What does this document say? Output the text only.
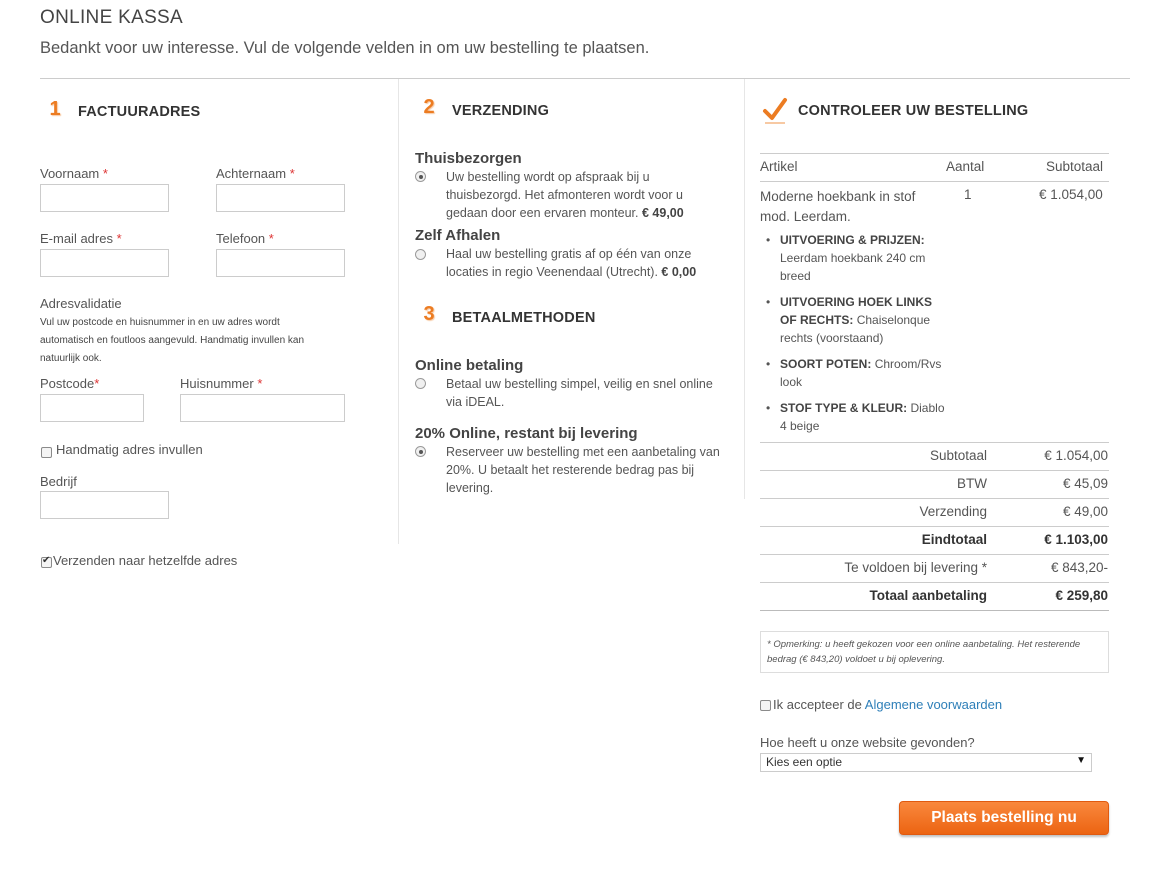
ONLINE KASSA
Bedankt voor uw interesse. Vul de volgende velden in om uw bestelling te plaatsen.
1	FACTUURADRES
Voornaam *	Achternaam *
E-mail adres *	Telefoon *
Adresvalidatie
Vul uw postcode en huisnummer in en uw adres wordt automatisch en foutloos aangevuld. Handmatig invullen kan natuurlijk ook.
Postcode*	Huisnummer *
Handmatig adres invullen
Bedrijf
✔
Verzenden naar hetzelfde adres
2	VERZENDING
Thuisbezorgen
Uw bestelling wordt op afspraak bij u thuisbezorgd. Het afmonteren wordt voor u gedaan door een ervaren monteur. € 49,00
Zelf Afhalen
Haal uw bestelling gratis af op één van onze locaties in regio Veenendaal (Utrecht). € 0,00
3	BETAALMETHODEN
Online betaling
Betaal uw bestelling simpel, veilig en snel online via iDEAL.
20% Online, restant bij levering
Reserveer uw bestelling met een aanbetaling van 20%. U betaalt het resterende bedrag pas bij levering.
CONTROLEER UW BESTELLING
Artikel	Aantal	Subtotaal
Moderne hoekbank in stof mod. Leerdam.
1	€ 1.054,00
• UITVOERING & PRIJZEN: Leerdam hoekbank 240 cm breed
• UITVOERING HOEK LINKS OF RECHTS: Chaiselonque rechts (voorstaand)
• SOORT POTEN: Chroom/Rvs look
• STOF TYPE & KLEUR: Diablo 4 beige
Subtotaal	€ 1.054,00
BTW	€ 45,09
Verzending	€ 49,00
Eindtotaal	€ 1.103,00
Te voldoen bij levering *	€ 843,20-
Totaal aanbetaling	€ 259,80
* Opmerking: u heeft gekozen voor een online aanbetaling. Het resterende bedrag (€ 843,20) voldoet u bij oplevering.
Ik accepteer de Algemene voorwaarden
Hoe heeft u onze website gevonden?
Kies een optie	▼
Plaats bestelling nu
